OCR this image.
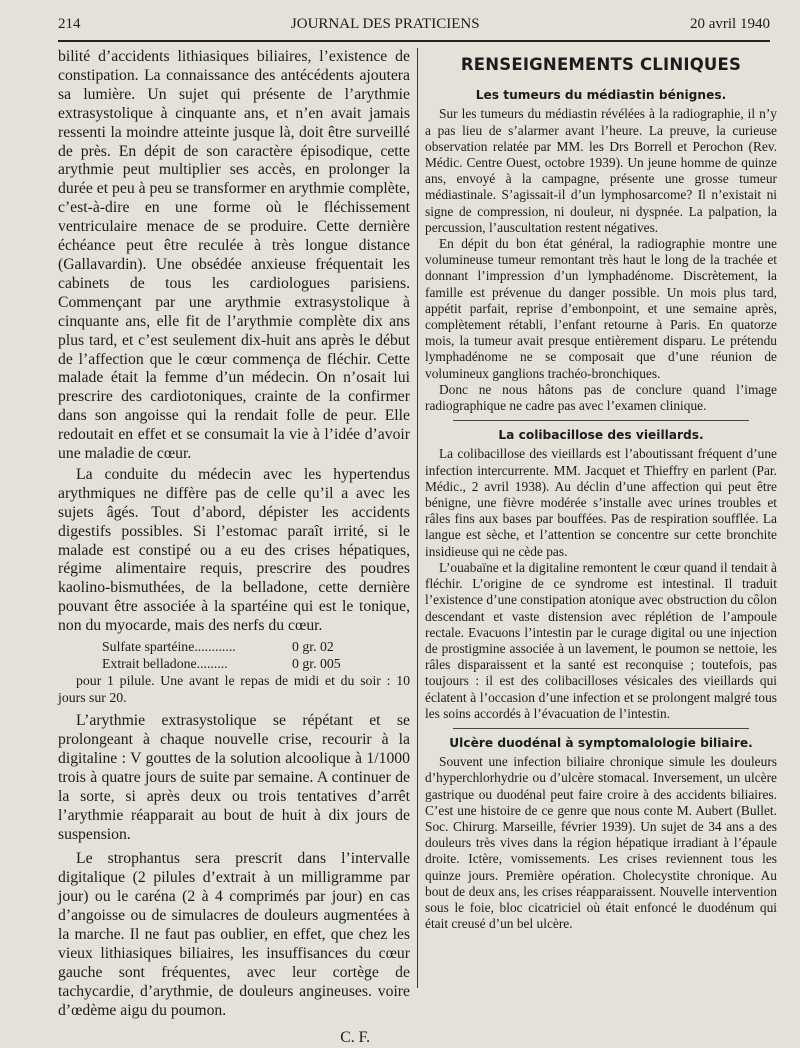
214	JOURNAL DES PRATICIENS	20 avril 1940

bilité d’accidents lithiasiques biliaires, l’existence de constipation. La connaissance des antécédents ajoutera sa lumière. Un sujet qui présente de l’arythmie extrasystolique à cinquante ans, et n’en avait jamais ressenti la moindre atteinte jusque là, doit être surveillé de près. En dépit de son caractère épisodique, cette arythmie peut multiplier ses accès, en prolonger la durée et peu à peu se transformer en arythmie complète, c’est-à-dire en une forme où le fléchissement ventriculaire menace de se produire. Cette dernière échéance peut être reculée à très longue distance (Gallavardin). Une obsédée anxieuse fréquentait les cabinets de tous les cardiologues parisiens. Commençant par une arythmie extrasystolique à cinquante ans, elle fit de l’arythmie complète dix ans plus tard, et c’est seulement dix-huit ans après le début de l’affection que le cœur commença de fléchir. Cette malade était la femme d’un médecin. On n’osait lui prescrire des cardiotoniques, crainte de la confirmer dans son angoisse qui la rendait folle de peur. Elle redoutait en effet et se consumait la vie à l’idée d’avoir une maladie de cœur.

La conduite du médecin avec les hypertendus arythmiques ne diffère pas de celle qu’il a avec les sujets âgés. Tout d’abord, dépister les accidents digestifs possibles. Si l’estomac paraît irrité, si le malade est constipé ou a eu des crises hépatiques, régime alimentaire requis, prescrire des poudres kaolino-bismuthées, de la belladone, cette dernière pouvant être associée à la spartéine qui est le tonique, non du myocarde, mais des nerfs du cœur.

Sulfate spartéine............	0 gr. 02
Extrait belladone.........	0 gr. 005

pour 1 pilule. Une avant le repas de midi et du soir : 10 jours sur 20.

L’arythmie extrasystolique se répétant et se prolongeant à chaque nouvelle crise, recourir à la digitaline : V gouttes de la solution alcoolique à 1/1000 trois à quatre jours de suite par semaine. A continuer de la sorte, si après deux ou trois tentatives d’arrêt l’arythmie réapparait au bout de huit à dix jours de suspension.

Le strophantus sera prescrit dans l’intervalle digitalique (2 pilules d’extrait à un milligramme par jour) ou le caréna (2 à 4 comprimés par jour) en cas d’angoisse ou de simulacres de douleurs augmentées à la marche. Il ne faut pas oublier, en effet, que chez les vieux lithiasiques biliaires, les insuffisances du cœur gauche sont fréquentes, avec leur cortège de tachycardie, d’arythmie, de douleurs angineuses. voire d’œdème aigu du poumon.

C. F.
RENSEIGNEMENTS CLINIQUES
Les tumeurs du médiastin bénignes.

Sur les tumeurs du médiastin révélées à la radiographie, il n’y a pas lieu de s’alarmer avant l’heure. La preuve, la curieuse observation relatée par MM. les Drs Borrell et Perochon (Rev. Médic. Centre Ouest, octobre 1939). Un jeune homme de quinze ans, envoyé à la campagne, présente une grosse tumeur médiastinale. S’agissait-il d’un lymphosarcome? Il n’existait ni signe de compression, ni douleur, ni dyspnée. La palpation, la percussion, l’auscultation restent négatives.

En dépit du bon état général, la radiographie montre une volumineuse tumeur remontant très haut le long de la trachée et donnant l’impression d’un lymphadénome. Discrètement, la famille est prévenue du danger possible. Un mois plus tard, appétit parfait, reprise d’embonpoint, et une semaine après, complètement rétabli, l’enfant retourne à Paris. En quatorze mois, la tumeur avait presque entièrement disparu. Le prétendu lymphadénome ne se composait que d’une réunion de volumineux ganglions trachéo-bronchiques.

Donc ne nous hâtons pas de conclure quand l’image radiographique ne cadre pas avec l’examen clinique.

La colibacillose des vieillards.

La colibacillose des vieillards est l’aboutissant fréquent d’une infection intercurrente. MM. Jacquet et Thieffry en parlent (Par. Médic., 2 avril 1938). Au déclin d’une affection qui peut être bénigne, une fièvre modérée s’installe avec urines troubles et râles fins aux bases par bouffées. Pas de respiration soufflée. La langue est sèche, et l’attention se concentre sur cette bronchite insidieuse qui ne cède pas.

L’ouabaïne et la digitaline remontent le cœur quand il tendait à fléchir. L’origine de ce syndrome est intestinal. Il traduit l’existence d’une constipation atonique avec obstruction du côlon descendant et vaste distension avec réplétion de l’ampoule rectale. Evacuons l’intestin par le curage digital ou une injection de prostigmine associée à un lavement, le poumon se nettoie, les râles disparaissent et la santé est reconquise ; toutefois, pas toujours : il est des colibacilloses vésicales des vieillards qui éclatent à l’occasion d’une infection et se prolongent malgré tous les soins accordés à l’évacuation de l’intestin.

Ulcère duodénal à symptomalologie biliaire.

Souvent une infection biliaire chronique simule les douleurs d’hyperchlorhydrie ou d’ulcère stomacal. Inversement, un ulcère gastrique ou duodénal peut faire croire à des accidents biliaires. C’est une histoire de ce genre que nous conte M. Aubert (Bullet. Soc. Chirurg. Marseille, février 1939). Un sujet de 34 ans a des douleurs très vives dans la région hépatique irradiant à l’épaule droite. Ictère, vomissements. Les crises reviennent tous les quinze jours. Première opération. Cholecystite chronique. Au bout de deux ans, les crises réapparaissent. Nouvelle intervention sous le foie, bloc cicatriciel où était enfoncé le duodénum qui était creusé d’un bel ulcère.
